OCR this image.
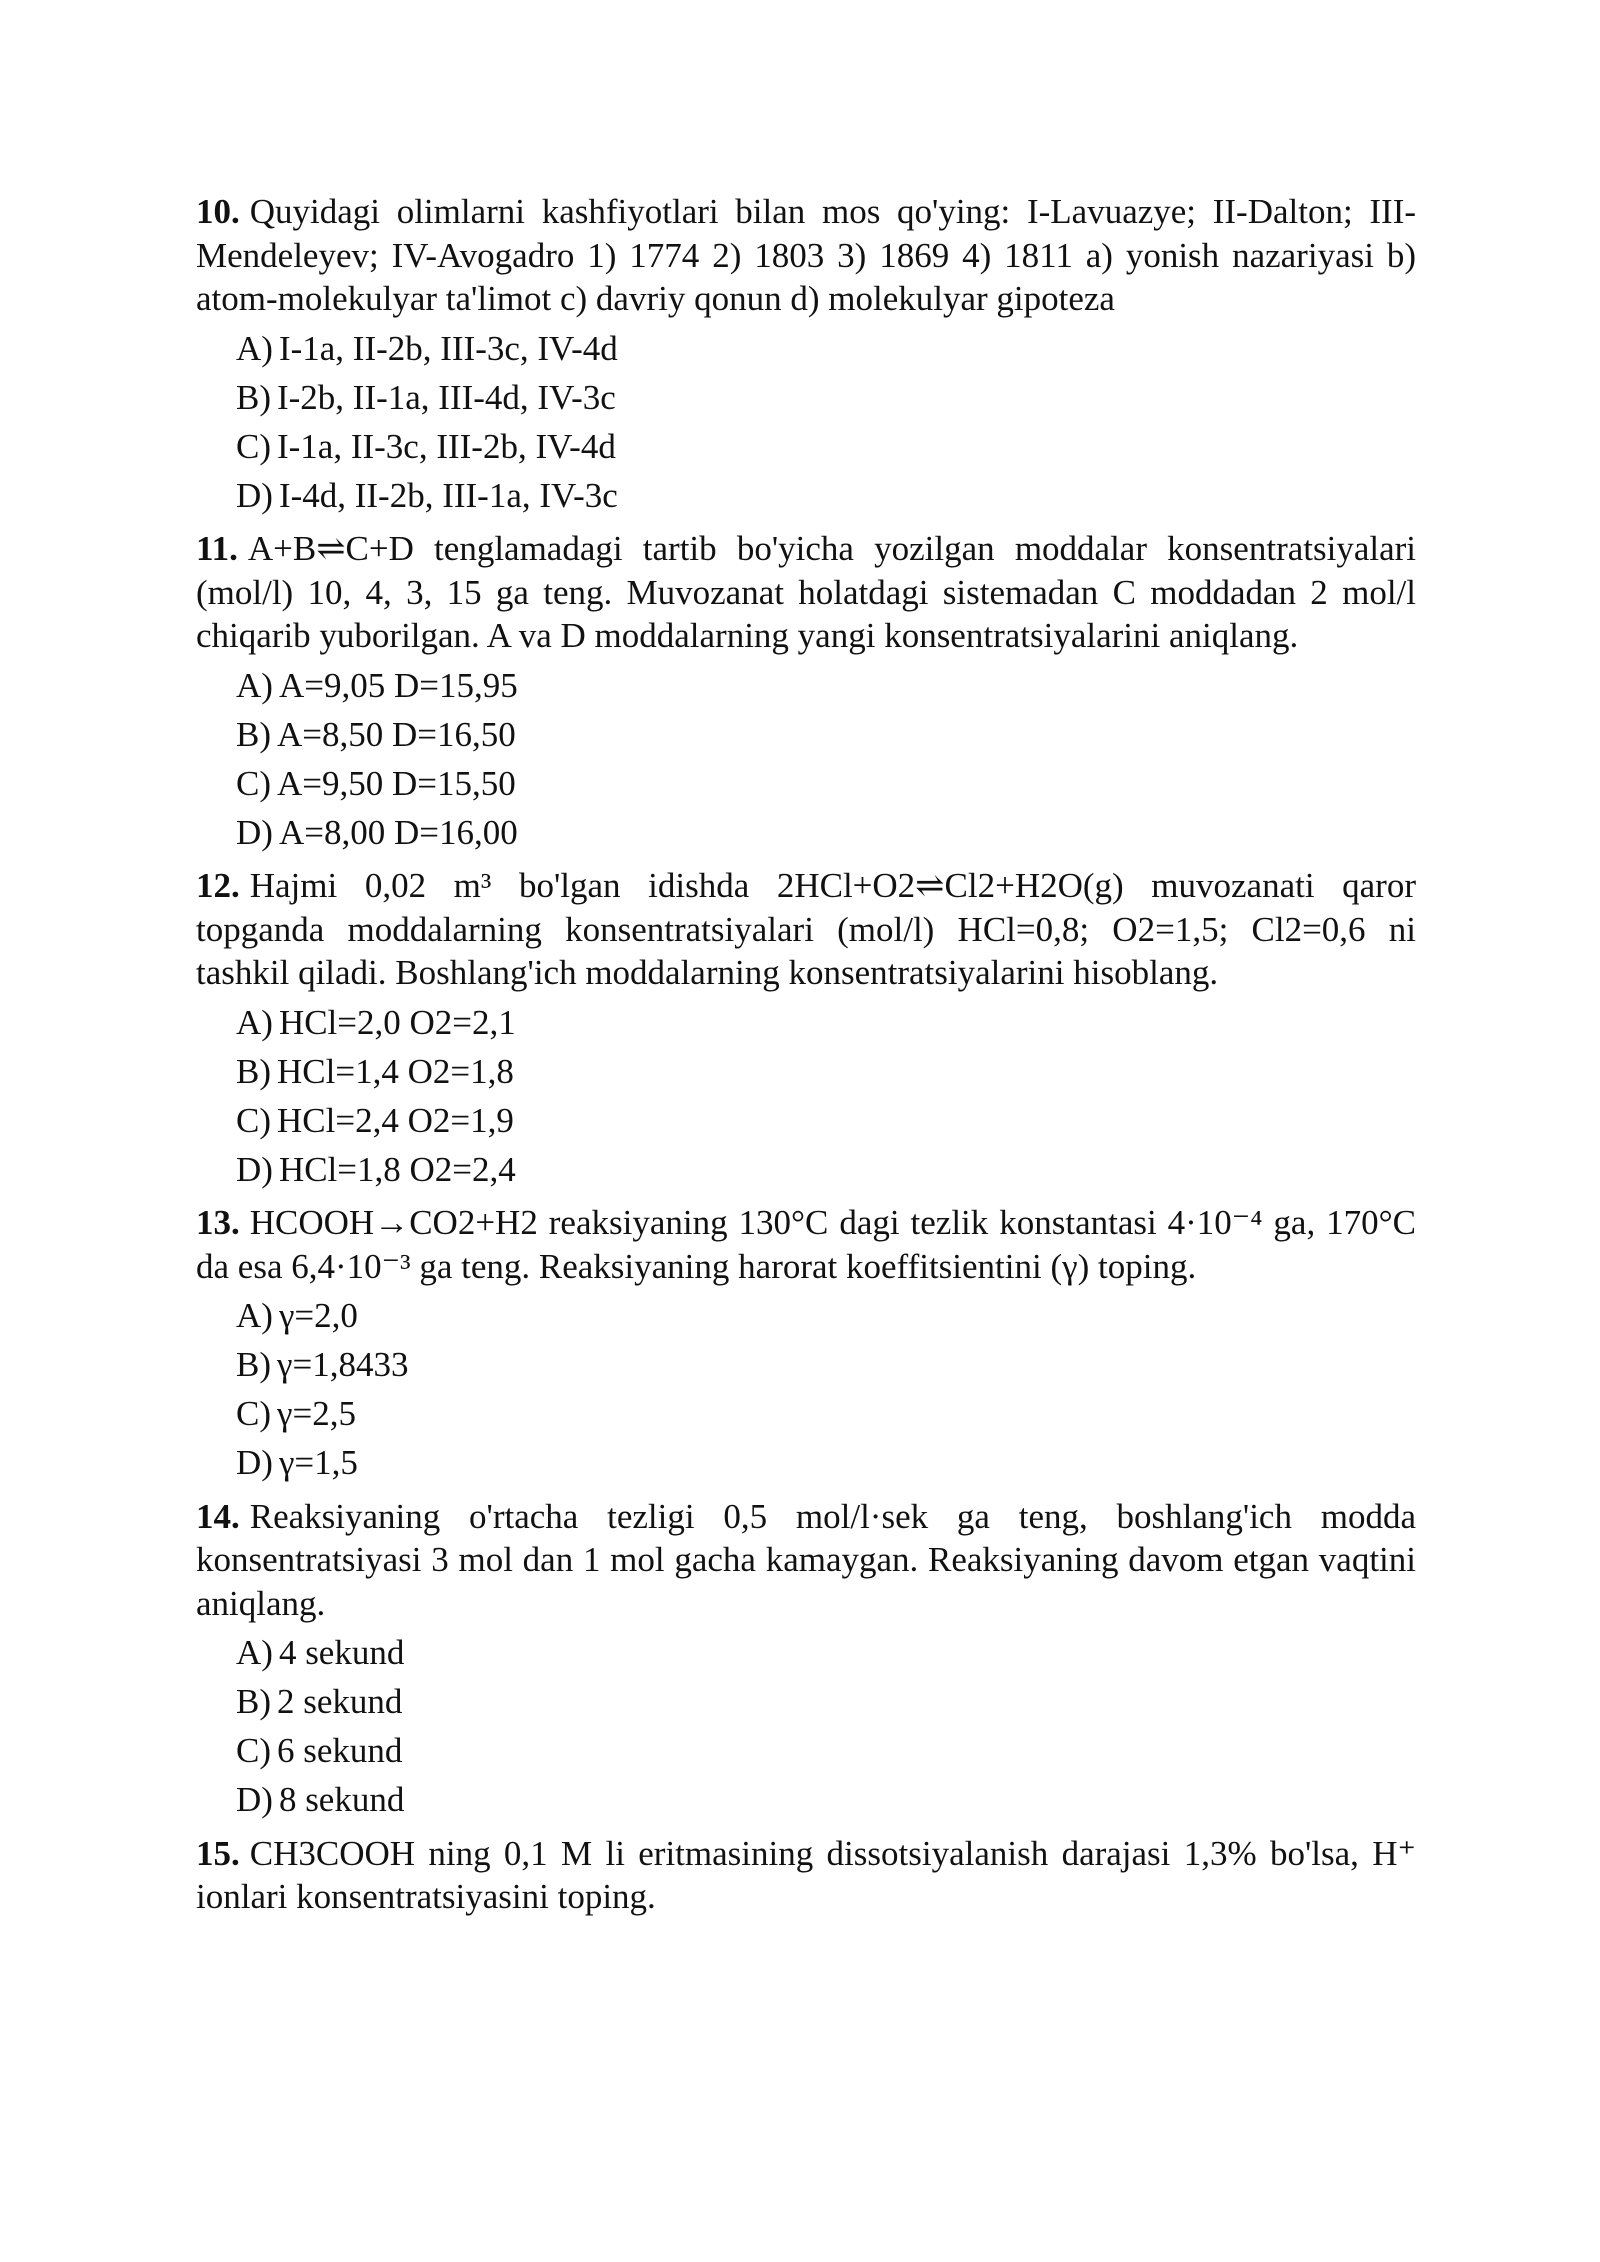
10. Quyidagi olimlarni kashfiyotlari bilan mos qo'ying: I-Lavuazye; II-Dalton; III-Mendeleyev; IV-Avogadro 1) 1774 2) 1803 3) 1869 4) 1811 a) yonish nazariyasi b) atom-molekulyar ta'limot c) davriy qonun d) molekulyar gipoteza

A) I-1a, II-2b, III-3c, IV-4d
B) I-2b, II-1a, III-4d, IV-3c
C) I-1a, II-3c, III-2b, IV-4d
D) I-4d, II-2b, III-1a, IV-3c

11. A+B⇌C+D tenglamadagi tartib bo'yicha yozilgan moddalar konsentratsiyalari (mol/l) 10, 4, 3, 15 ga teng. Muvozanat holatdagi sistemadan C moddadan 2 mol/l chiqarib yuborilgan. A va D moddalarning yangi konsentratsiyalarini aniqlang.

A) A=9,05 D=15,95
B) A=8,50 D=16,50
C) A=9,50 D=15,50
D) A=8,00 D=16,00

12. Hajmi 0,02 m³ bo'lgan idishda 2HCl+O2⇌Cl2+H2O(g) muvozanati qaror topganda moddalarning konsentratsiyalari (mol/l) HCl=0,8; O2=1,5; Cl2=0,6 ni tashkil qiladi. Boshlang'ich moddalarning konsentratsiyalarini hisoblang.

A) HCl=2,0 O2=2,1
B) HCl=1,4 O2=1,8
C) HCl=2,4 O2=1,9
D) HCl=1,8 O2=2,4

13. HCOOH→CO2+H2 reaksiyaning 130°C dagi tezlik konstantasi 4·10⁻⁴ ga, 170°C da esa 6,4·10⁻³ ga teng. Reaksiyaning harorat koeffitsientini (γ) toping.

A) γ=2,0
B) γ=1,8433
C) γ=2,5
D) γ=1,5

14. Reaksiyaning o'rtacha tezligi 0,5 mol/l·sek ga teng, boshlang'ich modda konsentratsiyasi 3 mol dan 1 mol gacha kamaygan. Reaksiyaning davom etgan vaqtini aniqlang.

A) 4 sekund
B) 2 sekund
C) 6 sekund
D) 8 sekund

15. CH3COOH ning 0,1 M li eritmasining dissotsiyalanish darajasi 1,3% bo'lsa, H⁺ ionlari konsentratsiyasini toping.
